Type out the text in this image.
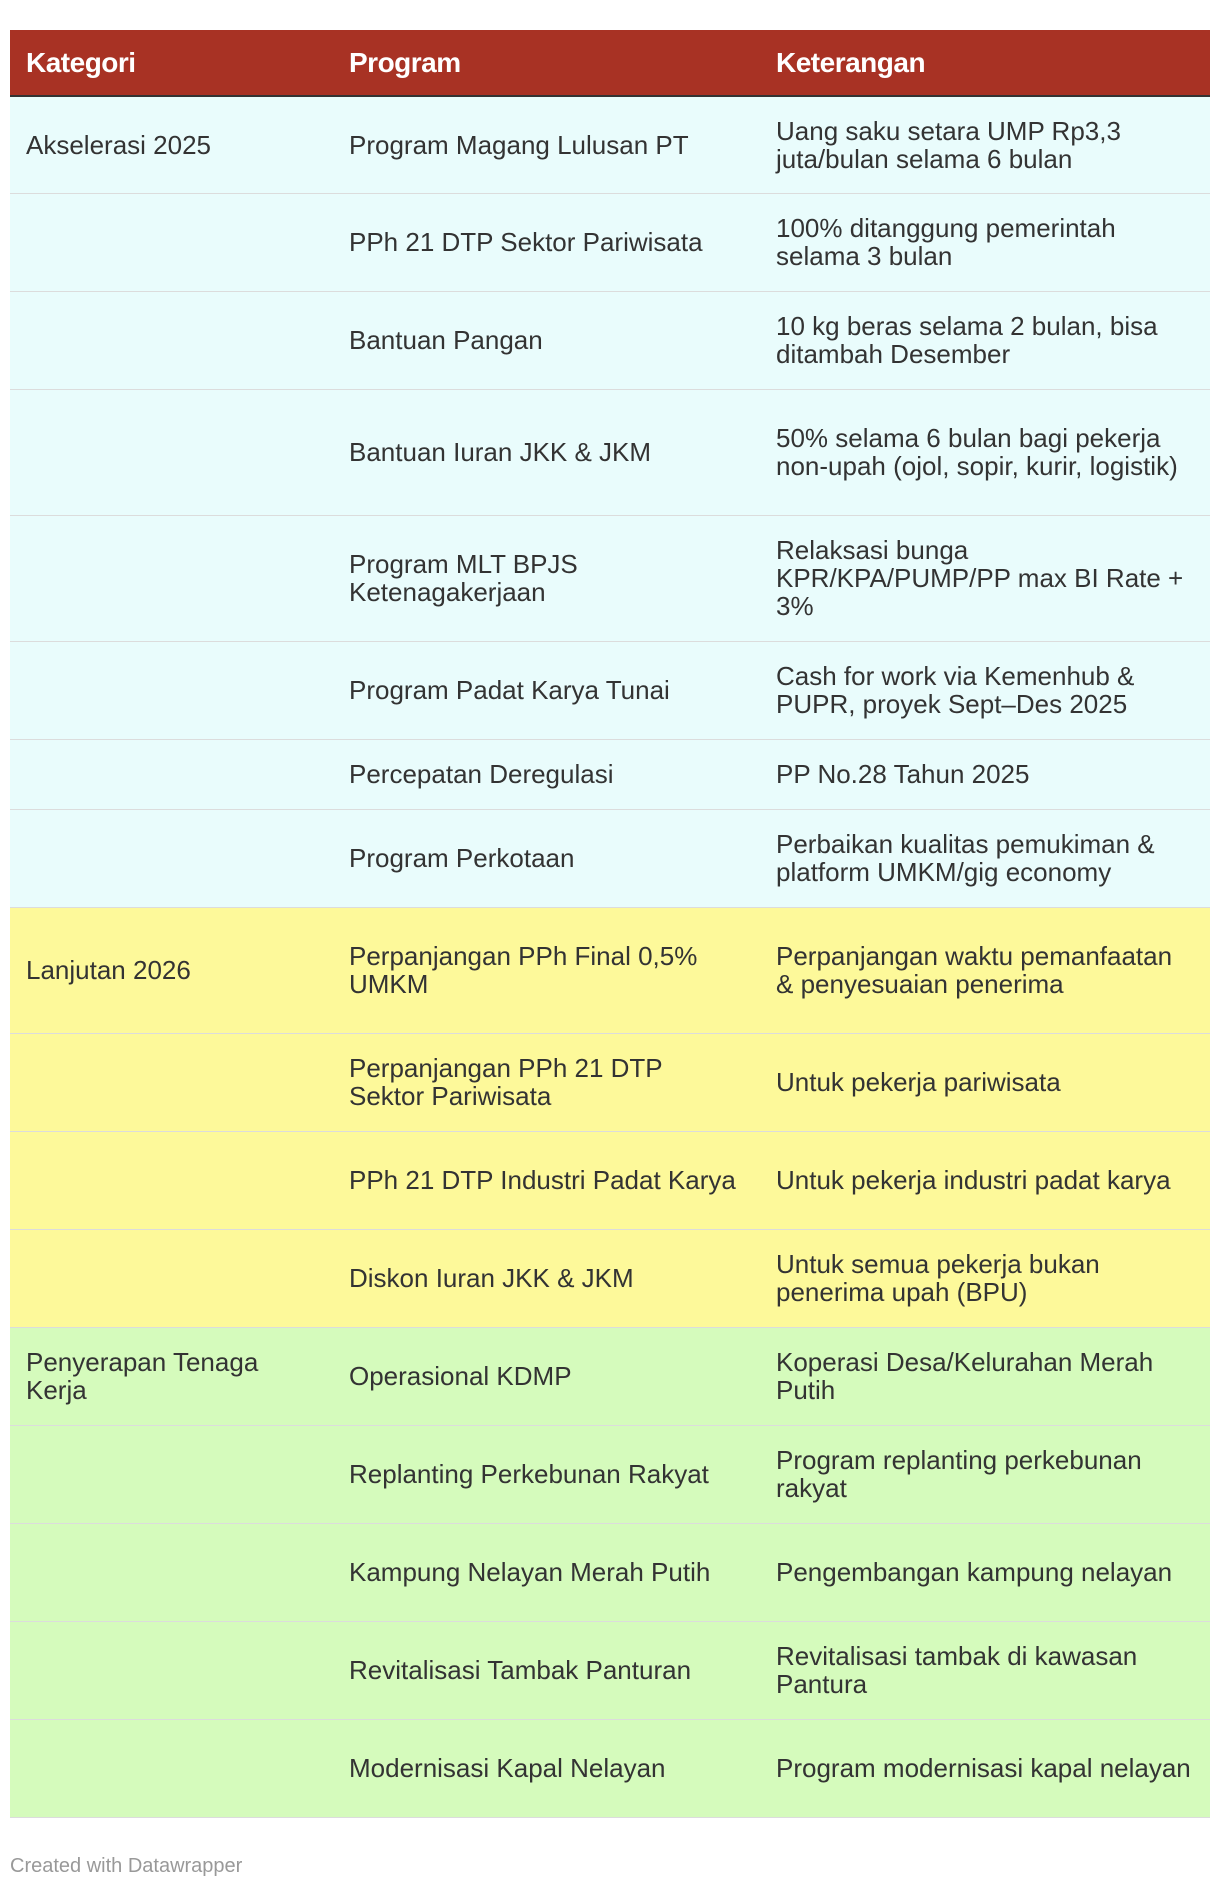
Kategori	Program	Keterangan
Akselerasi 2025	Program Magang Lulusan PT	Uang saku setara UMP Rp3,3 juta/bulan selama 6 bulan
	PPh 21 DTP Sektor Pariwisata	100% ditanggung pemerintah selama 3 bulan
	Bantuan Pangan	10 kg beras selama 2 bulan, bisa ditambah Desember
	Bantuan Iuran JKK & JKM	50% selama 6 bulan bagi pekerja non-upah (ojol, sopir, kurir, logistik)
	Program MLT BPJS Ketenagakerjaan	Relaksasi bunga KPR/KPA/PUMP/PP max BI Rate + 3%
	Program Padat Karya Tunai	Cash for work via Kemenhub & PUPR, proyek Sept–Des 2025
	Percepatan Deregulasi	PP No.28 Tahun 2025
	Program Perkotaan	Perbaikan kualitas pemukiman & platform UMKM/gig economy
Lanjutan 2026	Perpanjangan PPh Final 0,5% UMKM	Perpanjangan waktu pemanfaatan & penyesuaian penerima
	Perpanjangan PPh 21 DTP Sektor Pariwisata	Untuk pekerja pariwisata
	PPh 21 DTP Industri Padat Karya	Untuk pekerja industri padat karya
	Diskon Iuran JKK & JKM	Untuk semua pekerja bukan penerima upah (BPU)
Penyerapan Tenaga Kerja	Operasional KDMP	Koperasi Desa/Kelurahan Merah Putih
	Replanting Perkebunan Rakyat	Program replanting perkebunan rakyat
	Kampung Nelayan Merah Putih	Pengembangan kampung nelayan
	Revitalisasi Tambak Panturan	Revitalisasi tambak di kawasan Pantura
	Modernisasi Kapal Nelayan	Program modernisasi kapal nelayan
Created with Datawrapper
